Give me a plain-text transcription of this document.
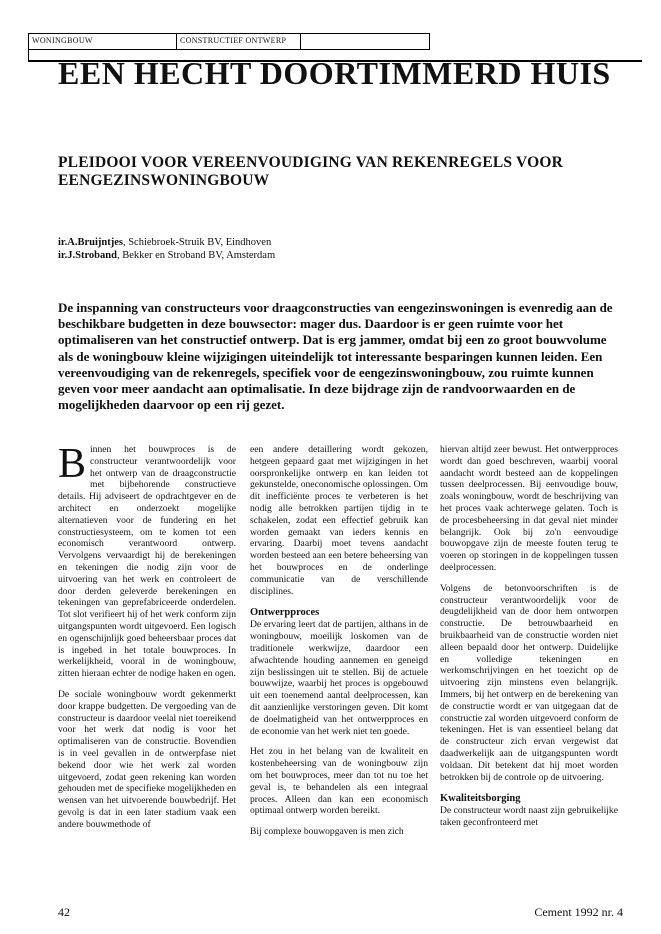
WONINGBOUW	CONSTRUCTIEF ONTWERP
EEN HECHT DOORTIMMERD HUIS
PLEIDOOI VOOR VEREENVOUDIGING VAN REKENREGELS VOOR EENGEZINSWONINGBOUW
ir.A.Bruijntjes, Schiebroek-Struik BV, Eindhoven
ir.J.Stroband, Bekker en Stroband BV, Amsterdam

De inspanning van constructeurs voor draagconstructies van eengezinswoningen is evenredig aan de beschikbare budgetten in deze bouwsector: mager dus. Daardoor is er geen ruimte voor het optimaliseren van het constructief ontwerp. Dat is erg jammer, omdat bij een zo groot bouwvolume als de woningbouw kleine wijzigingen uiteindelijk tot interessante besparingen kunnen leiden. Een vereenvoudiging van de rekenregels, specifiek voor de eengezinswoningbouw, zou ruimte kunnen geven voor meer aandacht aan optimalisatie. In deze bijdrage zijn de randvoorwaarden en de mogelijkheden daarvoor op een rij gezet.

Binnen het bouwproces is de constructeur verantwoordelijk voor het ontwerp van de draagconstructie met bijbehorende constructieve details. Hij adviseert de opdrachtgever en de architect en onderzoekt mogelijke alternatieven voor de fundering en het constructiesysteem, om te komen tot een economisch verantwoord ontwerp. Vervolgens vervaardigt hij de berekeningen en tekeningen die nodig zijn voor de uitvoering van het werk en controleert de door derden geleverde berekeningen en tekeningen van geprefabriceerde onderdelen. Tot slot verifieert hij of het werk conform zijn uitgangspunten wordt uitgevoerd. Een logisch en ogenschijnlijk goed beheersbaar proces dat is ingebed in het totale bouwproces. In werkelijkheid, vooral in de woningbouw, zitten hieraan echter de nodige haken en ogen.

De sociale woningbouw wordt gekenmerkt door krappe budgetten. De vergoeding van de constructeur is daardoor veelal niet toereikend voor het werk dat nodig is voor het optimaliseren van de constructie. Bovendien is in veel gevallen in de ontwerpfase niet bekend door wie het werk zal worden uitgevoerd, zodat geen rekening kan worden gehouden met de specifieke mogelijkheden en wensen van het uitvoerende bouwbedrijf. Het gevolg is dat in een later stadium vaak een andere bouwmethode of

een andere detaillering wordt gekozen, hetgeen gepaard gaat met wijzigingen in het oorspronkelijke ontwerp en kan leiden tot gekunstelde, oneconomische oplossingen. Om dit inefficiënte proces te verbeteren is het nodig alle betrokken partijen tijdig in te schakelen, zodat een effectief gebruik kan worden gemaakt van ieders kennis en ervaring. Daarbij moet tevens aandacht worden besteed aan een betere beheersing van het bouwproces en de onderlinge communicatie van de verschillende disciplines.

Ontwerpproces

De ervaring leert dat de partijen, althans in de woningbouw, moeilijk loskomen van de traditionele werkwijze, daardoor een afwachtende houding aannemen en geneigd zijn beslissingen uit te stellen. Bij de actuele bouwwijze, waarbij het proces is opgebouwd uit een toenemend aantal deelprocessen, kan dit aanzienlijke verstoringen geven. Dit komt de doelmatigheid van het ontwerpproces en de economie van het werk niet ten goede.

Het zou in het belang van de kwaliteit en kostenbeheersing van de woningbouw zijn om het bouwproces, meer dan tot nu toe het geval is, te behandelen als een integraal proces. Alleen dan kan een economisch optimaal ontwerp worden bereikt.

Bij complexe bouwopgaven is men zich

hiervan altijd zeer bewust. Het ontwerpproces wordt dan goed beschreven, waarbij vooral aandacht wordt besteed aan de koppelingen tussen deelprocessen. Bij eenvoudige bouw, zoals woningbouw, wordt de beschrijving van het proces vaak achterwege gelaten. Toch is de procesbeheersing in dat geval niet minder belangrijk. Ook bij zo'n eenvoudige bouwopgave zijn de meeste fouten terug te voeren op storingen in de koppelingen tussen deelprocessen.

Volgens de betonvoorschriften is de constructeur verantwoordelijk voor de deugdelijkheid van de door hem ontworpen constructie. De betrouwbaarheid en bruikbaarheid van de constructie worden niet alleen bepaald door het ontwerp. Duidelijke en volledige tekeningen en werkomschrijvingen en het toezicht op de uitvoering zijn minstens even belangrijk. Immers, bij het ontwerp en de berekening van de constructie wordt er van uitgegaan dat de constructie zal worden uitgevoerd conform de tekeningen. Het is van essentieel belang dat de constructeur zich ervan vergewist dat daadwerkelijk aan de uitgangspunten wordt voldaan. Dit betekent dat hij moet worden betrokken bij de controle op de uitvoering.

Kwaliteitsborging

De constructeur wordt naast zijn gebruikelijke taken geconfronteerd met

42	Cement 1992 nr. 4
